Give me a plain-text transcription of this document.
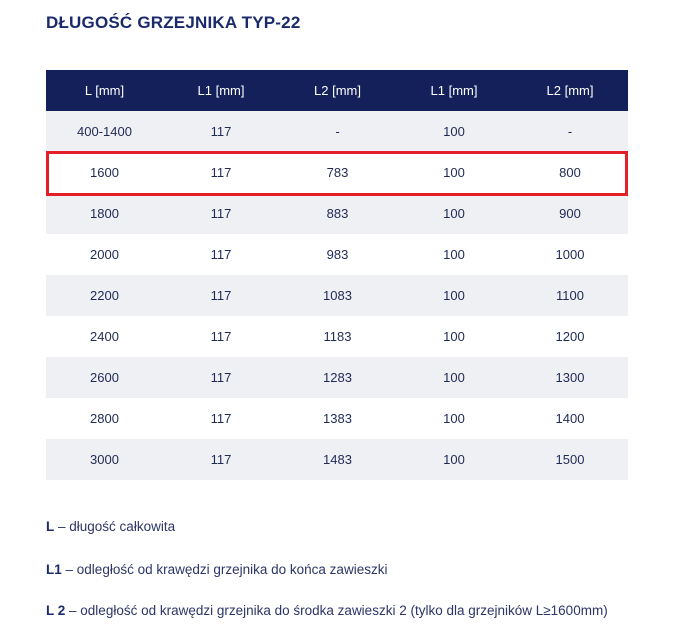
DŁUGOŚĆ GRZEJNIKA TYP-22
L [mm]	L1 [mm]	L2 [mm]	L1 [mm]	L2 [mm]
400-1400	117	-	100	-
1600	117	783	100	800
1800	117	883	100	900
2000	117	983	100	1000
2200	117	1083	100	1100
2400	117	1183	100	1200
2600	117	1283	100	1300
2800	117	1383	100	1400
3000	117	1483	100	1500
L – długość całkowita
L1 – odległość od krawędzi grzejnika do końca zawieszki
L 2 – odległość od krawędzi grzejnika do środka zawieszki 2 (tylko dla grzejników L≥1600mm)
